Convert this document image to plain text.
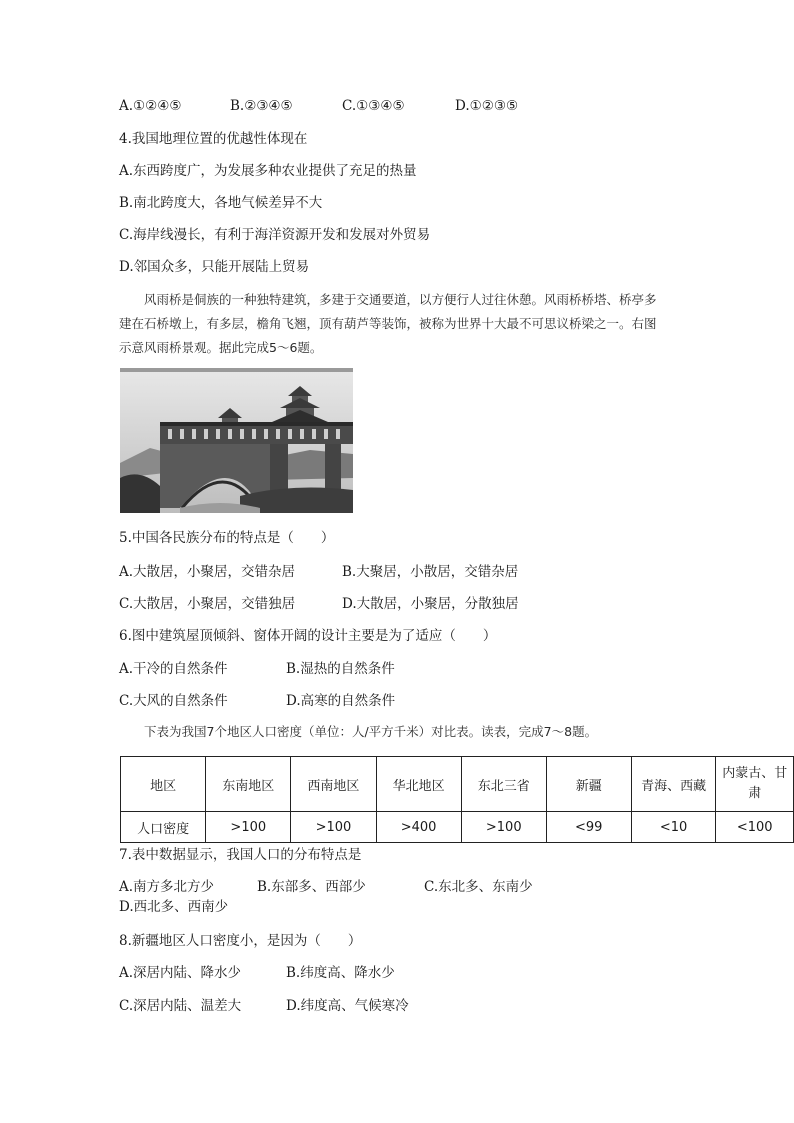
A.①②④⑤	B.②③④⑤	C.①③④⑤	D.①②③⑤
4.我国地理位置的优越性体现在
A.东西跨度广，为发展多种农业提供了充足的热量
B.南北跨度大，各地气候差异不大
C.海岸线漫长，有利于海洋资源开发和发展对外贸易
D.邻国众多，只能开展陆上贸易
风雨桥是侗族的一种独特建筑，多建于交通要道，以方便行人过往休憩。风雨桥桥塔、桥亭多建在石桥墩上，有多层，檐角飞翘，顶有葫芦等装饰，被称为世界十大最不可思议桥梁之一。右图示意风雨桥景观。据此完成5～6题。
5.中国各民族分布的特点是（　　）
A.大散居，小聚居，交错杂居	B.大聚居，小散居，交错杂居
C.大散居，小聚居，交错独居	D.大散居，小聚居，分散独居
6.图中建筑屋顶倾斜、窗体开阔的设计主要是为了适应（　　）
A.干冷的自然条件	B.湿热的自然条件
C.大风的自然条件	D.高寒的自然条件
下表为我国7个地区人口密度（单位：人/平方千米）对比表。读表，完成7～8题。
地区	东南地区	西南地区	华北地区	东北三省	新疆	青海、西藏	内蒙古、甘肃
人口密度	>100	>100	>400	>100	<99	<10	<100
7.表中数据显示，我国人口的分布特点是
A.南方多北方少	B.东部多、西部少	C.东北多、东南少D.西北多、西南少
8.新疆地区人口密度小，是因为（　　）
A.深居内陆、降水少	B.纬度高、降水少
C.深居内陆、温差大	D.纬度高、气候寒冷
